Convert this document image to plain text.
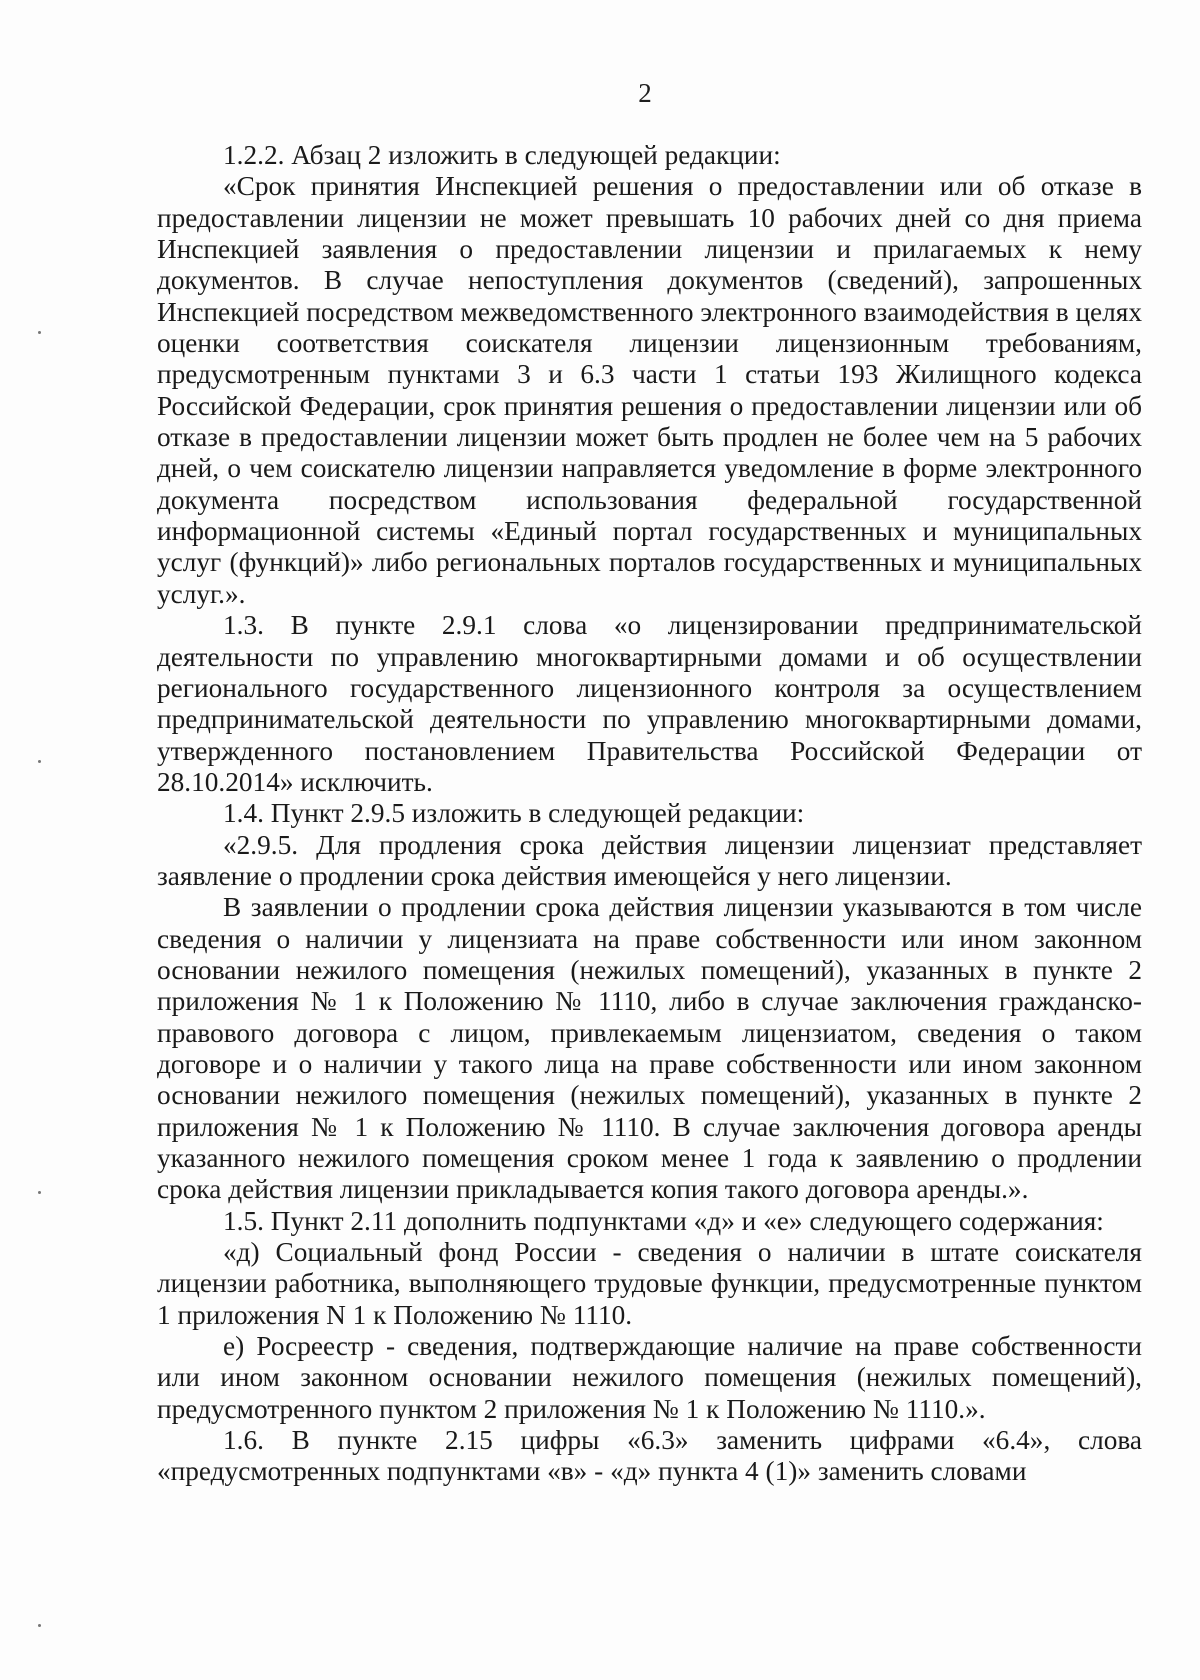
2

1.2.2. Абзац 2 изложить в следующей редакции:

«Срок принятия Инспекцией решения о предоставлении или об отказе в предоставлении лицензии не может превышать 10 рабочих дней со дня приема Инспекцией заявления о предоставлении лицензии и прилагаемых к нему документов. В случае непоступления документов (сведений), запрошенных Инспекцией посредством межведомственного электронного взаимодействия в целях оценки соответствия соискателя лицензии лицензионным требованиям, предусмотренным пунктами 3 и 6.3 части 1 статьи 193 Жилищного кодекса Российской Федерации, срок принятия решения о предоставлении лицензии или об отказе в предоставлении лицензии может быть продлен не более чем на 5 рабочих дней, о чем соискателю лицензии направляется уведомление в форме электронного документа посредством использования федеральной государственной информационной системы «Единый портал государственных и муниципальных услуг (функций)» либо региональных порталов государственных и муниципальных услуг.».

1.3. В пункте 2.9.1 слова «о лицензировании предпринимательской деятельности по управлению многоквартирными домами и об осуществлении регионального государственного лицензионного контроля за осуществлением предпринимательской деятельности по управлению многоквартирными домами, утвержденного постановлением Правительства Российской Федерации от 28.10.2014» исключить.

1.4. Пункт 2.9.5 изложить в следующей редакции:

«2.9.5. Для продления срока действия лицензии лицензиат представляет заявление о продлении срока действия имеющейся у него лицензии.

В заявлении о продлении срока действия лицензии указываются в том числе сведения о наличии у лицензиата на праве собственности или ином законном основании нежилого помещения (нежилых помещений), указанных в пункте 2 приложения № 1 к Положению № 1110, либо в случае заключения гражданско-правового договора с лицом, привлекаемым лицензиатом, сведения о таком договоре и о наличии у такого лица на праве собственности или ином законном основании нежилого помещения (нежилых помещений), указанных в пункте 2 приложения № 1 к Положению № 1110. В случае заключения договора аренды указанного нежилого помещения сроком менее 1 года к заявлению о продлении срока действия лицензии прикладывается копия такого договора аренды.».

1.5. Пункт 2.11 дополнить подпунктами «д» и «е» следующего содержания:

«д) Социальный фонд России - сведения о наличии в штате соискателя лицензии работника, выполняющего трудовые функции, предусмотренные пунктом 1 приложения N 1 к Положению № 1110.

е) Росреестр - сведения, подтверждающие наличие на праве собственности или ином законном основании нежилого помещения (нежилых помещений), предусмотренного пунктом 2 приложения № 1 к Положению № 1110.».

1.6. В пункте 2.15 цифры «6.3» заменить цифрами «6.4», слова «предусмотренных подпунктами «в» - «д» пункта 4 (1)» заменить словами
